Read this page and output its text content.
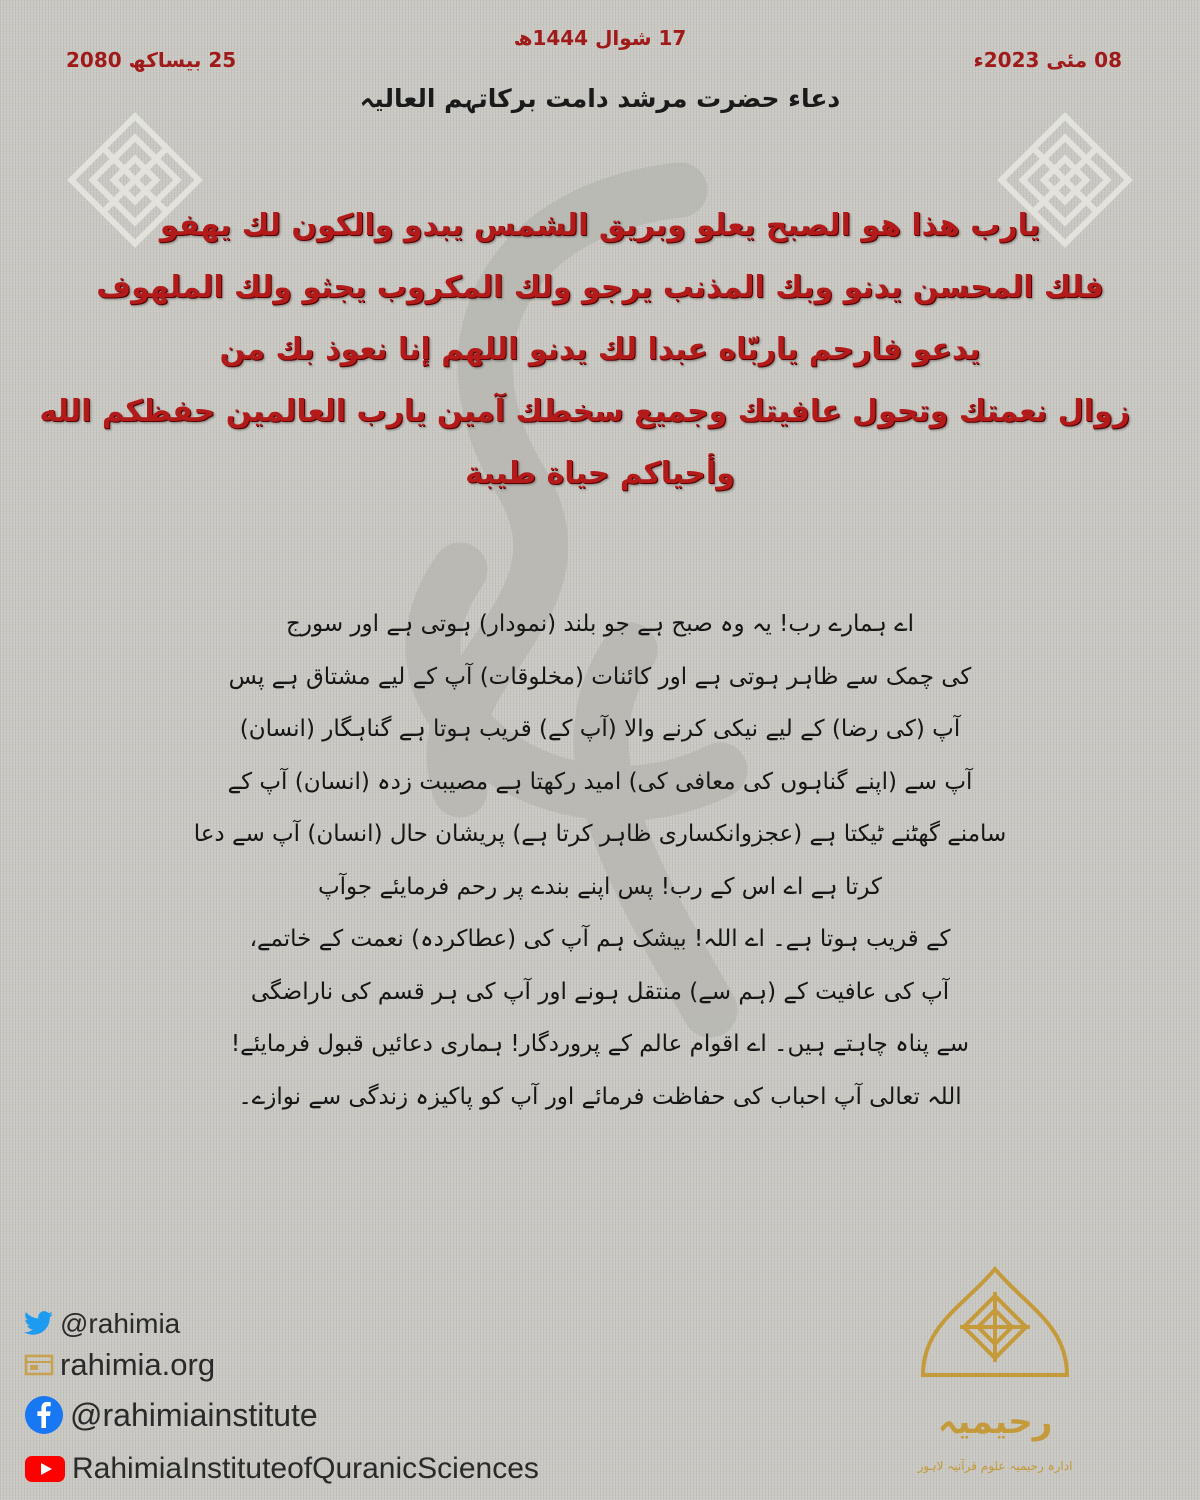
17 شوال 1444ھ
08 مئی 2023ء
25 بیساکھ 2080
دعاء حضرت مرشد دامت برکاتہم العالیہ
يارب هذا هو الصبح يعلو وبريق الشمس يبدو والكون لك يهفو
فلك المحسن يدنو وبك المذنب يرجو ولك المكروب يجثو ولك الملهوف
يدعو فارحم ياربّاه عبدا لك يدنو اللهم إنا نعوذ بك من
زوال نعمتك وتحول عافيتك وجميع سخطك آمين يارب العالمين حفظكم الله
وأحياكم حياة طيبة
اے ہمارے رب! یہ وہ صبح ہے جو بلند (نمودار) ہوتی ہے اور سورج
کی چمک سے ظاہر ہوتی ہے اور کائنات (مخلوقات) آپ کے لیے مشتاق ہے پس
آپ (کی رضا) کے لیے نیکی کرنے والا (آپ کے) قریب ہوتا ہے گناہگار (انسان)
آپ سے (اپنے گناہوں کی معافی کی) امید رکھتا ہے مصیبت زدہ (انسان) آپ کے
سامنے گھٹنے ٹیکتا ہے (عجزوانکساری ظاہر کرتا ہے) پریشان حال (انسان) آپ سے دعا
کرتا ہے اے اس کے رب! پس اپنے بندے پر رحم فرمایئے جوآپ
کے قریب ہوتا ہے۔ اے اللہ! بیشک ہم آپ کی (عطاکردہ) نعمت کے خاتمے،
آپ کی عافیت کے (ہم سے) منتقل ہونے اور آپ کی ہر قسم کی ناراضگی
سے پناہ چاہتے ہیں۔ اے اقوام عالم کے پروردگار! ہماری دعائیں قبول فرمایئے!
اللہ تعالی آپ احباب کی حفاظت فرمائے اور آپ کو پاکیزہ زندگی سے نوازے۔
@rahimia
rahimia.org
@rahimiainstitute
RahimiaInstituteofQuranicSciences
رحیمیہ
ادارہ رحیمیہ علوم قرآنیہ لاہور
